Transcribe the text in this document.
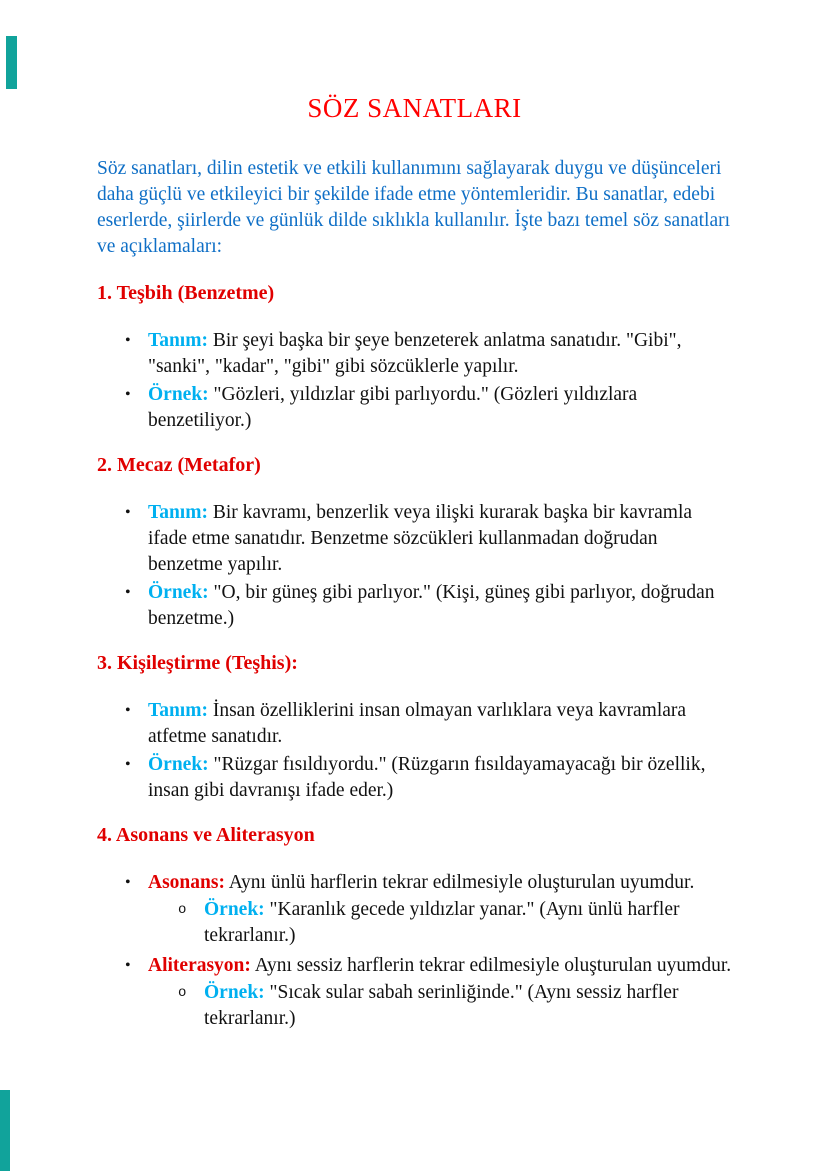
SÖZ SANATLARI

Söz sanatları, dilin estetik ve etkili kullanımını sağlayarak duygu ve düşünceleri daha güçlü ve etkileyici bir şekilde ifade etme yöntemleridir. Bu sanatlar, edebi eserlerde, şiirlerde ve günlük dilde sıklıkla kullanılır. İşte bazı temel söz sanatları ve açıklamaları:

1. Teşbih (Benzetme)
• Tanım: Bir şeyi başka bir şeye benzeterek anlatma sanatıdır. "Gibi", "sanki", "kadar", "gibi" gibi sözcüklerle yapılır.
• Örnek: "Gözleri, yıldızlar gibi parlıyordu." (Gözleri yıldızlara benzetiliyor.)
2. Mecaz (Metafor)
• Tanım: Bir kavramı, benzerlik veya ilişki kurarak başka bir kavramla ifade etme sanatıdır. Benzetme sözcükleri kullanmadan doğrudan benzetme yapılır.
• Örnek: "O, bir güneş gibi parlıyor." (Kişi, güneş gibi parlıyor, doğrudan benzetme.)
3. Kişileştirme (Teşhis):
• Tanım: İnsan özelliklerini insan olmayan varlıklara veya kavramlara atfetme sanatıdır.
• Örnek: "Rüzgar fısıldıyordu." (Rüzgarın fısıldayamayacağı bir özellik, insan gibi davranışı ifade eder.)
4. Asonans ve Aliterasyon
• Asonans: Aynı ünlü harflerin tekrar edilmesiyle oluşturulan uyumdur.
o Örnek: "Karanlık gecede yıldızlar yanar." (Aynı ünlü harfler tekrarlanır.)
• Aliterasyon: Aynı sessiz harflerin tekrar edilmesiyle oluşturulan uyumdur.
o Örnek: "Sıcak sular sabah serinliğinde." (Aynı sessiz harfler tekrarlanır.)
